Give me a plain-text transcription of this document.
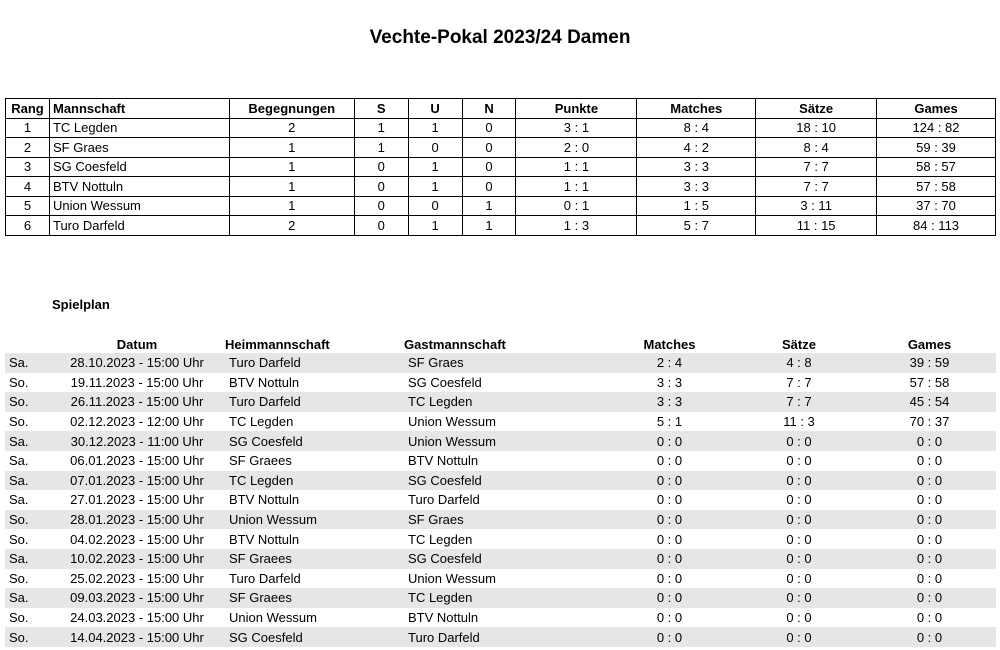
Vechte-Pokal 2023/24 Damen
Rang	Mannschaft	Begegnungen	S	U	N	Punkte	Matches	Sätze	Games
1	TC Legden	2	1	1	0	3 : 1	8 : 4	18 : 10	124 : 82
2	SF Graes	1	1	0	0	2 : 0	4 : 2	8 : 4	59 : 39
3	SG Coesfeld	1	0	1	0	1 : 1	3 : 3	7 : 7	58 : 57
4	BTV Nottuln	1	0	1	0	1 : 1	3 : 3	7 : 7	57 : 58
5	Union Wessum	1	0	0	1	0 : 1	1 : 5	3 : 11	37 : 70
6	Turo Darfeld	2	0	1	1	1 : 3	5 : 7	11 : 15	84 : 113
Spielplan
	Datum	Heimmannschaft	Gastmannschaft	Matches	Sätze	Games
Sa.	28.10.2023 - 15:00 Uhr	Turo Darfeld	SF Graes	2 : 4	4 : 8	39 : 59
So.	19.11.2023 - 15:00 Uhr	BTV Nottuln	SG Coesfeld	3 : 3	7 : 7	57 : 58
So.	26.11.2023 - 15:00 Uhr	Turo Darfeld	TC Legden	3 : 3	7 : 7	45 : 54
So.	02.12.2023 - 12:00 Uhr	TC Legden	Union Wessum	5 : 1	11 : 3	70 : 37
Sa.	30.12.2023 - 11:00 Uhr	SG Coesfeld	Union Wessum	0 : 0	0 : 0	0 : 0
Sa.	06.01.2023 - 15:00 Uhr	SF Graees	BTV Nottuln	0 : 0	0 : 0	0 : 0
Sa.	07.01.2023 - 15:00 Uhr	TC Legden	SG Coesfeld	0 : 0	0 : 0	0 : 0
Sa.	27.01.2023 - 15:00 Uhr	BTV Nottuln	Turo Darfeld	0 : 0	0 : 0	0 : 0
So.	28.01.2023 - 15:00 Uhr	Union Wessum	SF Graes	0 : 0	0 : 0	0 : 0
So.	04.02.2023 - 15:00 Uhr	BTV Nottuln	TC Legden	0 : 0	0 : 0	0 : 0
Sa.	10.02.2023 - 15:00 Uhr	SF Graees	SG Coesfeld	0 : 0	0 : 0	0 : 0
So.	25.02.2023 - 15:00 Uhr	Turo Darfeld	Union Wessum	0 : 0	0 : 0	0 : 0
Sa.	09.03.2023 - 15:00 Uhr	SF Graees	TC Legden	0 : 0	0 : 0	0 : 0
So.	24.03.2023 - 15:00 Uhr	Union Wessum	BTV Nottuln	0 : 0	0 : 0	0 : 0
So.	14.04.2023 - 15:00 Uhr	SG Coesfeld	Turo Darfeld	0 : 0	0 : 0	0 : 0
